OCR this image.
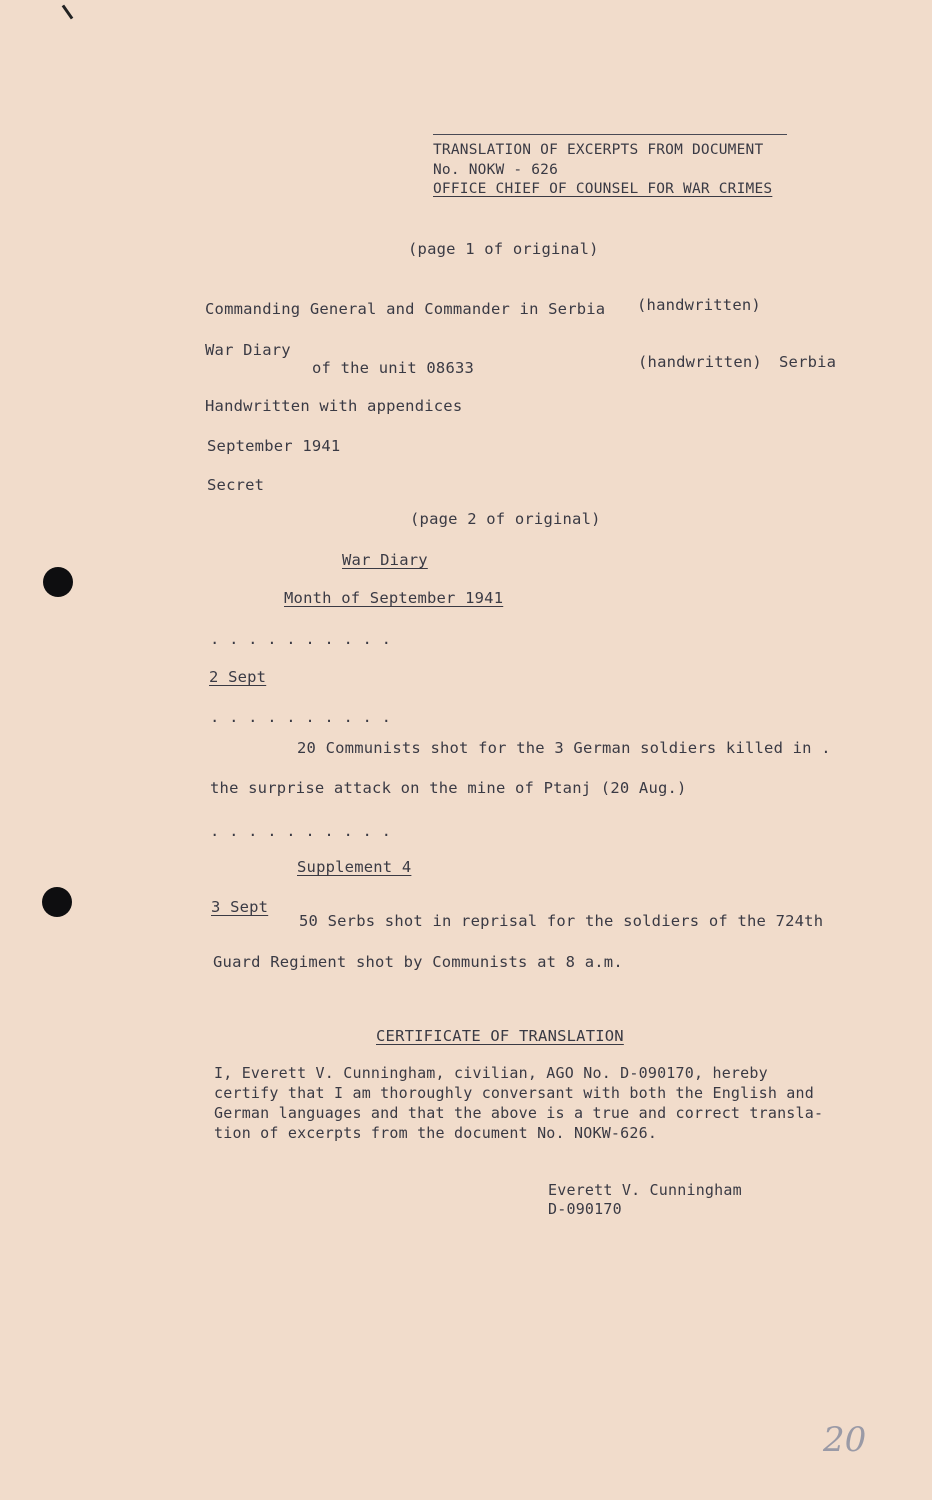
TRANSLATION OF EXCERPTS FROM DOCUMENT
No. NOKW - 626
OFFICE CHIEF OF COUNSEL FOR WAR CRIMES
(page 1 of original)
Commanding General and Commander in Serbia (handwritten)
War Diary
of the unit 08633	(handwritten) Serbia
Handwritten with appendices
September 1941
Secret
(page 2 of original)
War Diary
Month of September 1941
. . . . . . . . . .
2 Sept
. . . . . . . . . .
20 Communists shot for the 3 German soldiers killed in .
the surprise attack on the mine of Ptanj (20 Aug.)
. . . . . . . . . .
Supplement 4
3 Sept
50 Serbs shot in reprisal for the soldiers of the 724th
Guard Regiment shot by Communists at 8 a.m.
CERTIFICATE OF TRANSLATION
I, Everett V. Cunningham, civilian, AGO No. D-090170, hereby
certify that I am thoroughly conversant with both the English and
German languages and that the above is a true and correct transla-
tion of excerpts from the document No. NOKW-626.
Everett V. Cunningham
D-090170
20
